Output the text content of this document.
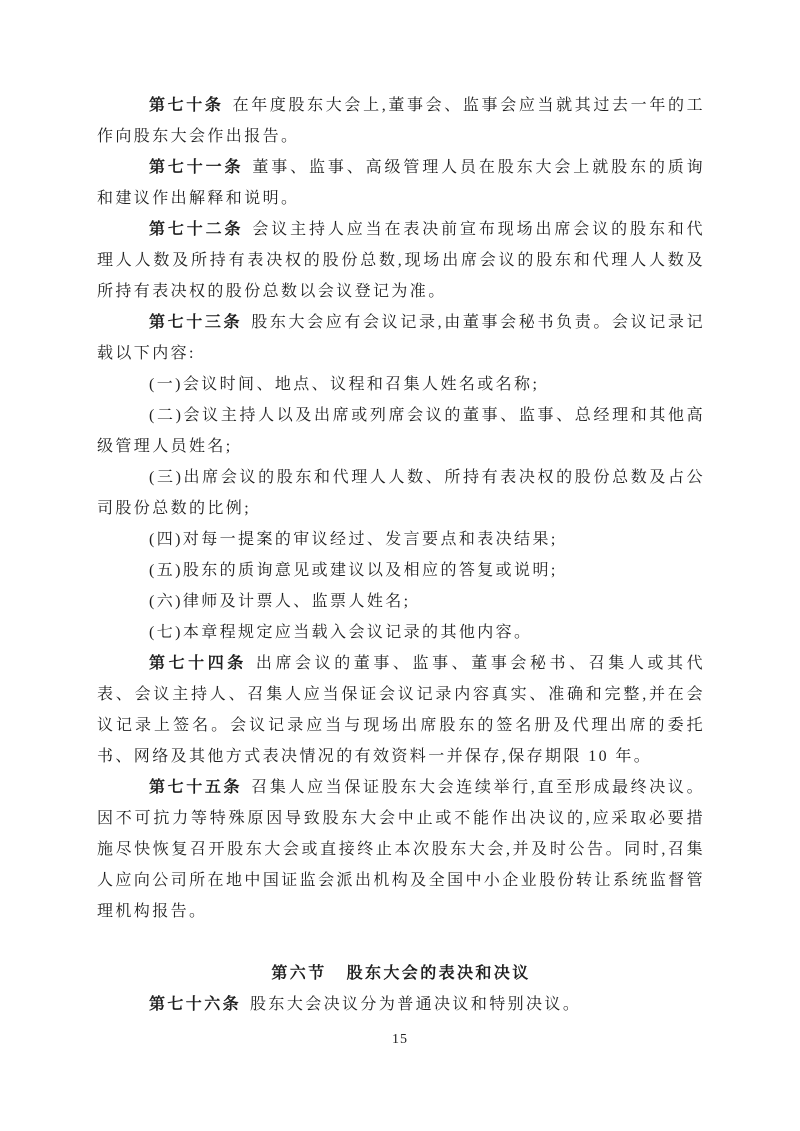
第七十条 在年度股东大会上,董事会、监事会应当就其过去一年的工作向股东大会作出报告。

第七十一条 董事、监事、高级管理人员在股东大会上就股东的质询和建议作出解释和说明。

第七十二条 会议主持人应当在表决前宣布现场出席会议的股东和代理人人数及所持有表决权的股份总数,现场出席会议的股东和代理人人数及所持有表决权的股份总数以会议登记为准。

第七十三条 股东大会应有会议记录,由董事会秘书负责。会议记录记载以下内容:

(一)会议时间、地点、议程和召集人姓名或名称;

(二)会议主持人以及出席或列席会议的董事、监事、总经理和其他高级管理人员姓名;

(三)出席会议的股东和代理人人数、所持有表决权的股份总数及占公司股份总数的比例;

(四)对每一提案的审议经过、发言要点和表决结果;

(五)股东的质询意见或建议以及相应的答复或说明;

(六)律师及计票人、监票人姓名;

(七)本章程规定应当载入会议记录的其他内容。

第七十四条 出席会议的董事、监事、董事会秘书、召集人或其代表、会议主持人、召集人应当保证会议记录内容真实、准确和完整,并在会议记录上签名。会议记录应当与现场出席股东的签名册及代理出席的委托书、网络及其他方式表决情况的有效资料一并保存,保存期限 10 年。

第七十五条 召集人应当保证股东大会连续举行,直至形成最终决议。因不可抗力等特殊原因导致股东大会中止或不能作出决议的,应采取必要措施尽快恢复召开股东大会或直接终止本次股东大会,并及时公告。同时,召集人应向公司所在地中国证监会派出机构及全国中小企业股份转让系统监督管理机构报告。

第六节 股东大会的表决和决议

第七十六条 股东大会决议分为普通决议和特别决议。

15
